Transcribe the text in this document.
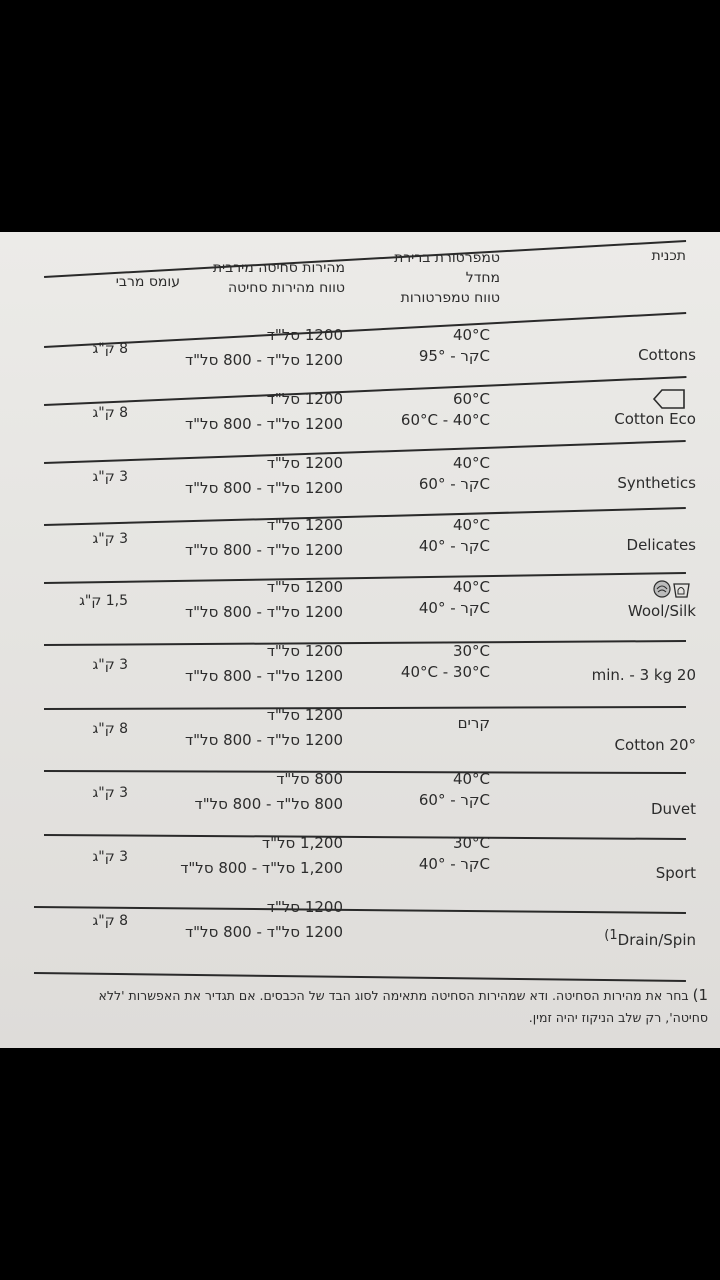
תכנית
טמפרטורת ברירת
מחדל
טווח טמפרטורות
מהירות סחיטה מירבית
טווח מהירות סחיטה
עומס מרבי
Cottons
40°C
קר - 95°C
1200 סל"ד
1200 סל"ד - 800 סל"ד
8 ק"ג
Cotton Eco
60°C
60°C - 40°C
1200 סל"ד
1200 סל"ד - 800 סל"ד
8 ק"ג
Synthetics
40°C
קר - 60°C
1200 סל"ד
1200 סל"ד - 800 סל"ד
3 ק"ג
Delicates
40°C
קר - 40°C
1200 סל"ד
1200 סל"ד - 800 סל"ד
3 ק"ג
Wool/Silk
40°C
קר - 40°C
1200 סל"ד
1200 סל"ד - 800 סל"ד
1,5 ק"ג
min. - 3 kg 20
30°C
40°C - 30°C
1200 סל"ד
1200 סל"ד - 800 סל"ד
3 ק"ג
Cotton 20°
קרים
1200 סל"ד
1200 סל"ד - 800 סל"ד
8 ק"ג
Duvet
40°C
קר - 60°C
800 סל"ד
800 סל"ד - 800 סל"ד
3 ק"ג
Sport
30°C
קר - 40°C
1,200 סל"ד
1,200 סל"ד - 800 סל"ד
3 ק"ג
$^{(1}$Drain/Spin
1200 סל"ד
1200 סל"ד - 800 סל"ד
8 ק"ג
1) בחר את מהירות הסחיטה. ודא שמהירות הסחיטה מתאימה לסוג הבד של הכבסים. אם תגדיר את האפשרות 'ללא
סחיטה', רק שלב הניקוז יהיה זמין.
